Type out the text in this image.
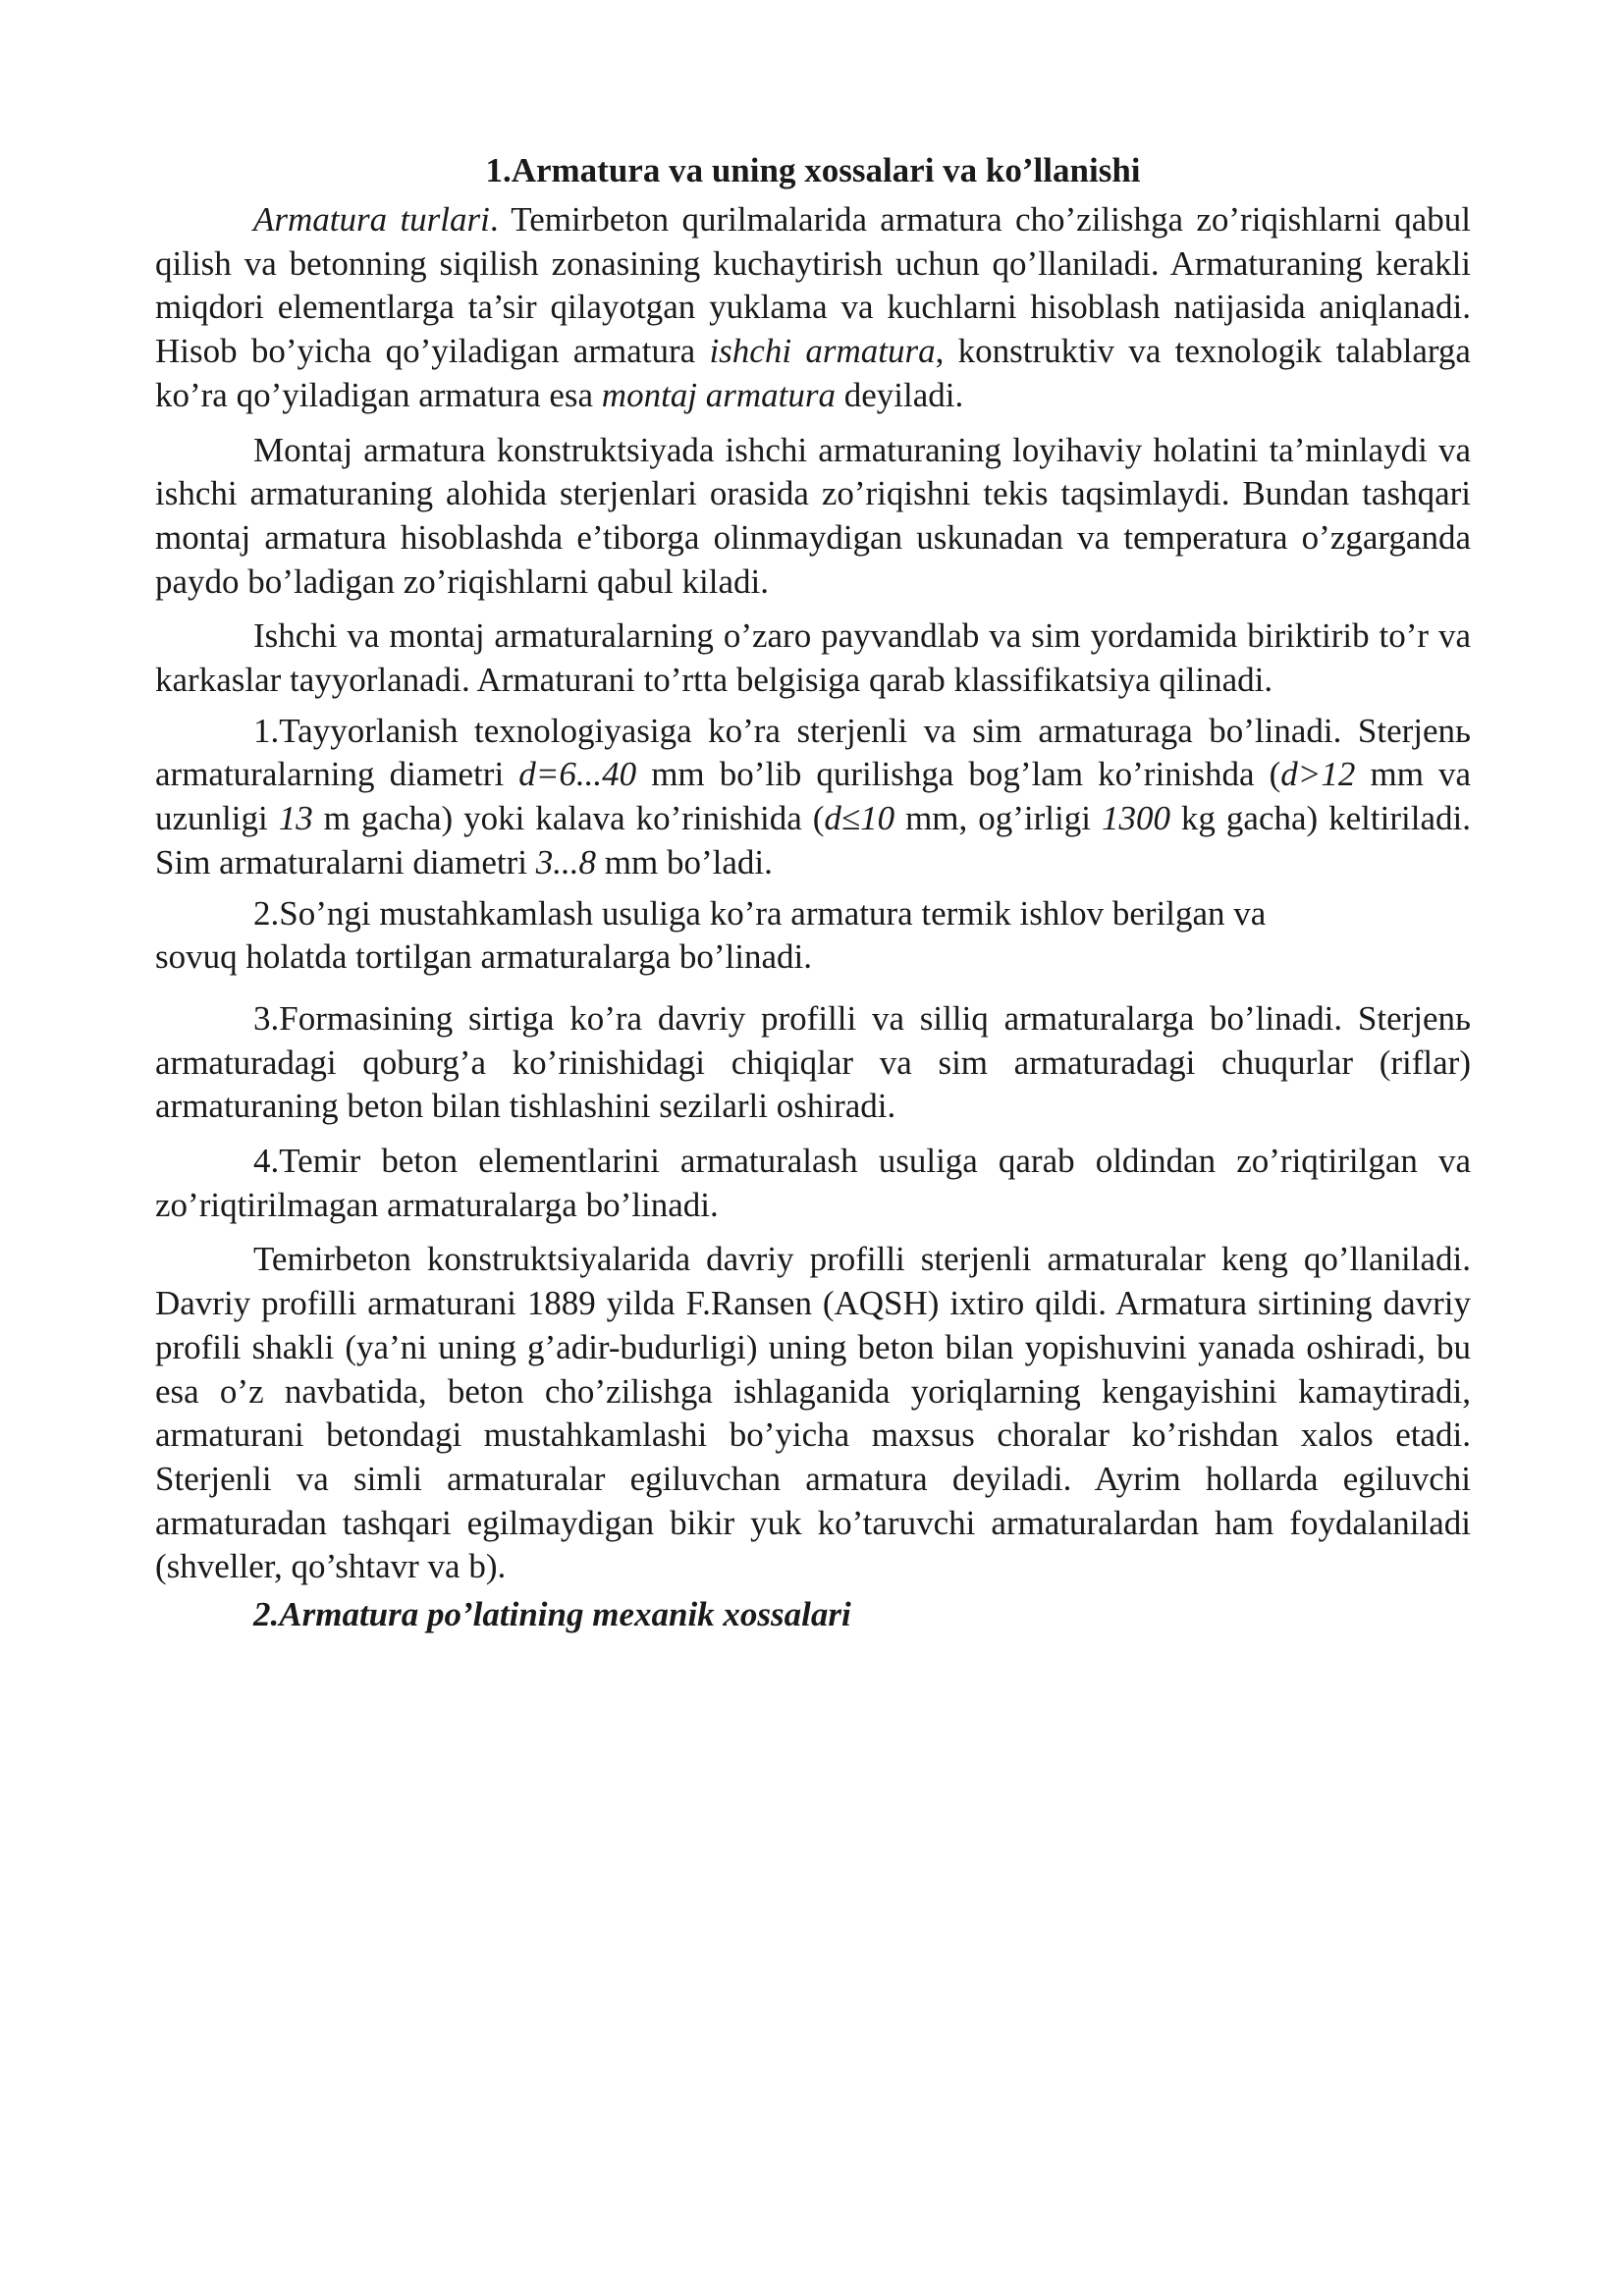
1.Armatura va uning xossalari va ko’llanishi

Armatura turlari. Temirbeton qurilmalarida armatura cho’zilishga zo’riqishlarni qabul qilish va betonning siqilish zonasining kuchaytirish uchun qo’llaniladi. Armaturaning kerakli miqdori elementlarga ta’sir qilayotgan yuklama va kuchlarni hisoblash natijasida aniqlanadi. Hisob bo’yicha qo’yiladigan armatura ishchi armatura, konstruktiv va texnologik talablarga ko’ra qo’yiladigan armatura esa montaj armatura deyiladi.

Montaj armatura konstruktsiyada ishchi armaturaning loyihaviy holatini ta’minlaydi va ishchi armaturaning alohida sterjenlari orasida zo’riqishni tekis taqsimlaydi. Bundan tashqari montaj armatura hisoblashda e’tiborga olinmaydigan uskunadan va temperatura o’zgarganda paydo bo’ladigan zo’riqishlarni qabul kiladi.

Ishchi va montaj armaturalarning o’zaro payvandlab va sim yordamida biriktirib to’r va karkaslar tayyorlanadi. Armaturani to’rtta belgisiga qarab klassifikatsiya qilinadi.

1.Tayyorlanish texnologiyasiga ko’ra sterjenli va sim armaturaga bo’linadi. Sterjenь armaturalarning diametri d=6...40 mm bo’lib qurilishga bog’lam ko’rinishda (d>12 mm va uzunligi 13 m gacha) yoki kalava ko’rinishida (d≤10 mm, og’irligi 1300 kg gacha) keltiriladi. Sim armaturalarni diametri 3...8 mm bo’ladi.

2.So’ngi mustahkamlash usuliga ko’ra armatura termik ishlov berilgan va
sovuq holatda tortilgan armaturalarga bo’linadi.

3.Formasining sirtiga ko’ra davriy profilli va silliq armaturalarga bo’linadi. Sterjenь armaturadagi qoburg’a ko’rinishidagi chiqiqlar va sim armaturadagi chuqurlar (riflar) armaturaning beton bilan tishlashini sezilarli oshiradi.

4.Temir beton elementlarini armaturalash usuliga qarab oldindan zo’riqtirilgan va zo’riqtirilmagan armaturalarga bo’linadi.

Temirbeton konstruktsiyalarida davriy profilli sterjenli armaturalar keng qo’llaniladi. Davriy profilli armaturani 1889 yilda F.Ransen (AQSH) ixtiro qildi. Armatura sirtining davriy profili shakli (ya’ni uning g’adir-budurligi) uning beton bilan yopishuvini yanada oshiradi, bu esa o’z navbatida, beton cho’zilishga ishlaganida yoriqlarning kengayishini kamaytiradi, armaturani betondagi mustahkamlashi bo’yicha maxsus choralar ko’rishdan xalos etadi. Sterjenli va simli armaturalar egiluvchan armatura deyiladi. Ayrim hollarda egiluvchi armaturadan tashqari egilmaydigan bikir yuk ko’taruvchi armaturalardan ham foydalaniladi (shveller, qo’shtavr va b).

2.Armatura po’latining mexanik xossalari
